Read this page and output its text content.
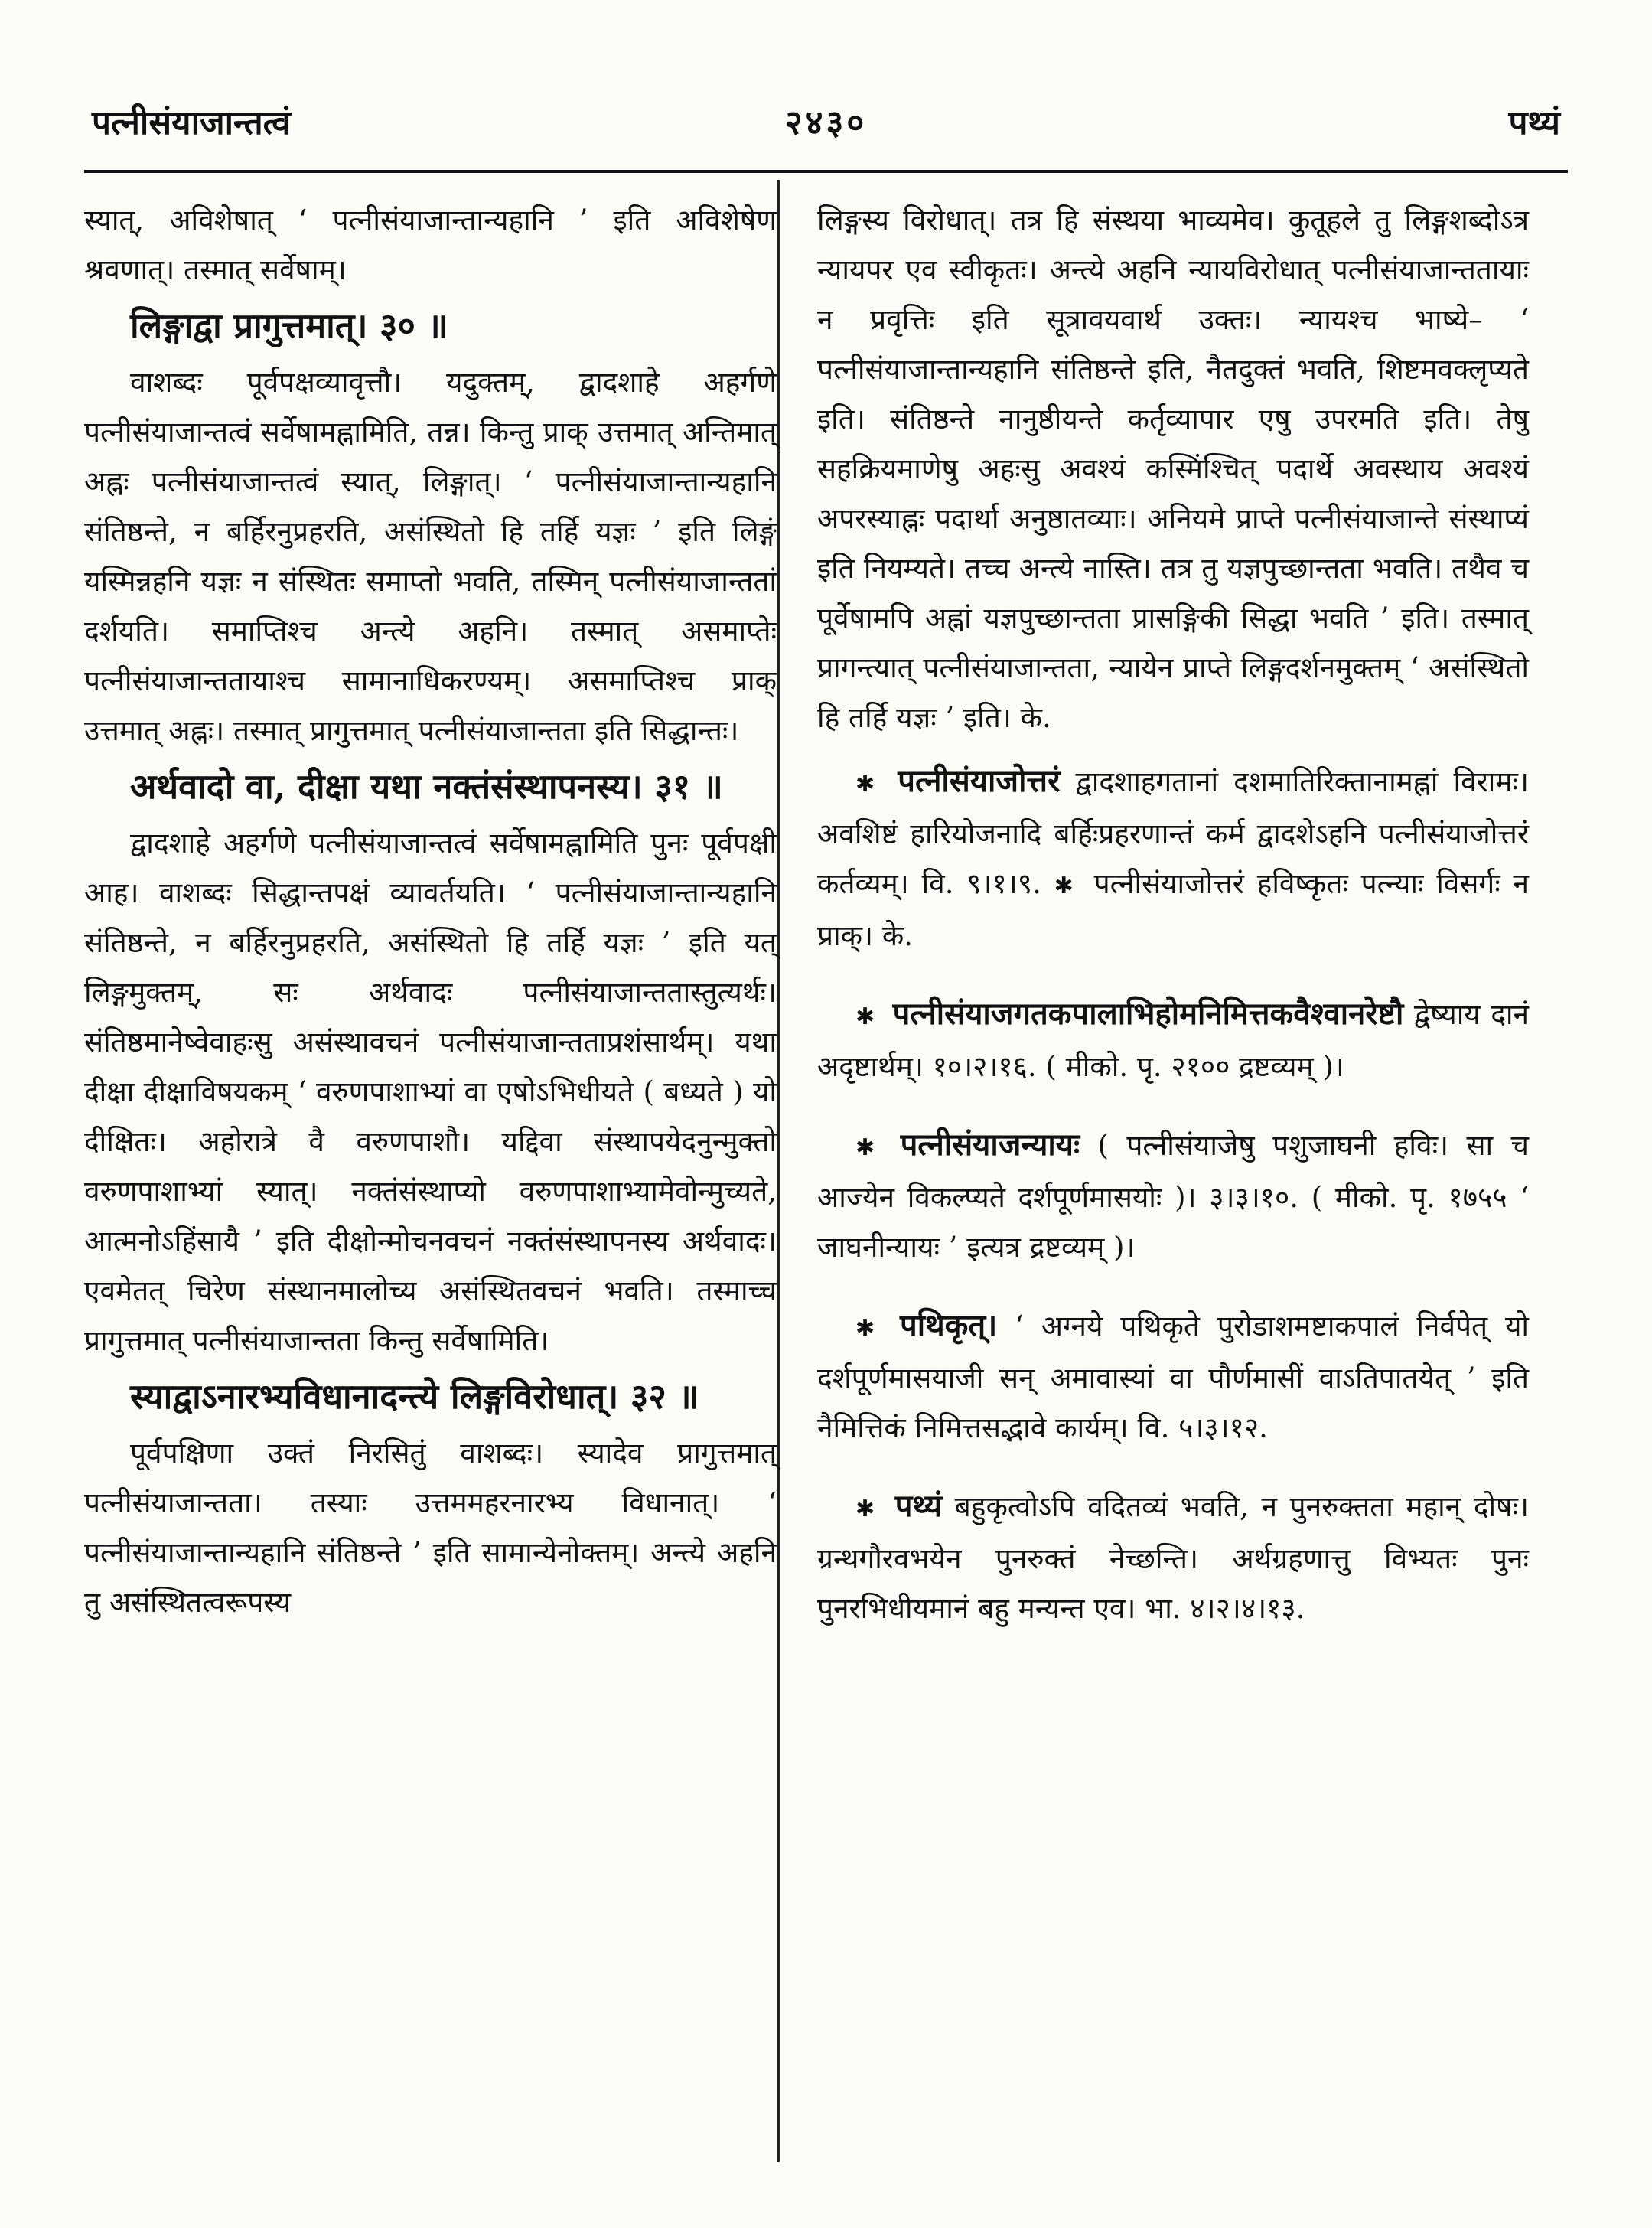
पत्नीसंयाजान्तत्वं	२४३०	पथ्यं

स्यात्, अविशेषात् ‘ पत्नीसंयाजान्तान्यहानि ’ इति अविशेषेण श्रवणात्। तस्मात् सर्वेषाम्।

लिङ्गाद्वा प्रागुत्तमात्। ३० ॥

वाशब्दः पूर्वपक्षव्यावृत्तौ। यदुक्तम्, द्वादशाहे अहर्गणे पत्नीसंयाजान्तत्वं सर्वेषामह्नामिति, तन्न। किन्तु प्राक् उत्तमात् अन्तिमात् अह्नः पत्नीसंयाजान्तत्वं स्यात्, लिङ्गात्। ‘ पत्नीसंयाजान्तान्यहानि संतिष्ठन्ते, न बर्हिरनुप्रहरति, असंस्थितो हि तर्हि यज्ञः ’ इति लिङ्गं यस्मिन्नहनि यज्ञः न संस्थितः समाप्तो भवति, तस्मिन् पत्नीसंयाजान्ततां दर्शयति। समाप्तिश्च अन्त्ये अहनि। तस्मात् असमाप्तेः पत्नीसंयाजान्ततायाश्च सामानाधिकरण्यम्। असमाप्तिश्च प्राक् उत्तमात् अह्नः। तस्मात् प्रागुत्तमात् पत्नीसंयाजान्तता इति सिद्धान्तः।

अर्थवादो वा, दीक्षा यथा नक्तंसंस्थापनस्य। ३१ ॥

द्वादशाहे अहर्गणे पत्नीसंयाजान्तत्वं सर्वेषामह्नामिति पुनः पूर्वपक्षी आह। वाशब्दः सिद्धान्तपक्षं व्यावर्तयति। ‘ पत्नीसंयाजान्तान्यहानि संतिष्ठन्ते, न बर्हिरनुप्रहरति, असंस्थितो हि तर्हि यज्ञः ’ इति यत् लिङ्गमुक्तम्, सः अर्थवादः पत्नीसंयाजान्ततास्तुत्यर्थः। संतिष्ठमानेष्वेवाहःसु असंस्थावचनं पत्नीसंयाजान्तताप्रशंसार्थम्। यथा दीक्षा दीक्षाविषयकम् ‘ वरुणपाशाभ्यां वा एषोऽभिधीयते ( बध्यते ) यो दीक्षितः। अहोरात्रे वै वरुणपाशौ। यद्दिवा संस्थापयेदनुन्मुक्तो वरुणपाशाभ्यां स्यात्। नक्तंसंस्थाप्यो वरुणपाशाभ्यामेवोन्मुच्यते, आत्मनोऽहिंसायै ’ इति दीक्षोन्मोचनवचनं नक्तंसंस्थापनस्य अर्थवादः। एवमेतत् चिरेण संस्थानमालोच्य असंस्थितवचनं भवति। तस्माच्च प्रागुत्तमात् पत्नीसंयाजान्तता किन्तु सर्वेषामिति।

स्याद्वाऽनारभ्यविधानादन्त्ये लिङ्गविरोधात्। ३२ ॥

पूर्वपक्षिणा उक्तं निरसितुं वाशब्दः। स्यादेव प्रागुत्तमात् पत्नीसंयाजान्तता। तस्याः उत्तममहरनारभ्य विधानात्। ‘ पत्नीसंयाजान्तान्यहानि संतिष्ठन्ते ’ इति सामान्येनोक्तम्। अन्त्ये अहनि तु असंस्थितत्वरूपस्य

लिङ्गस्य विरोधात्। तत्र हि संस्थया भाव्यमेव। कुतूहले तु लिङ्गशब्दोऽत्र न्यायपर एव स्वीकृतः। अन्त्ये अहनि न्यायविरोधात् पत्नीसंयाजान्ततायाः न प्रवृत्तिः इति सूत्रावयवार्थ उक्तः। न्यायश्च भाष्ये– ‘ पत्नीसंयाजान्तान्यहानि संतिष्ठन्ते इति, नैतदुक्तं भवति, शिष्टमवक्लृप्यते इति। संतिष्ठन्ते नानुष्ठीयन्ते कर्तृव्यापार एषु उपरमति इति। तेषु सहक्रियमाणेषु अहःसु अवश्यं कस्मिंश्चित् पदार्थे अवस्थाय अवश्यं अपरस्याह्नः पदार्था अनुष्ठातव्याः। अनियमे प्राप्ते पत्नीसंयाजान्ते संस्थाप्यं इति नियम्यते। तच्च अन्त्ये नास्ति। तत्र तु यज्ञपुच्छान्तता भवति। तथैव च पूर्वेषामपि अह्नां यज्ञपुच्छान्तता प्रासङ्गिकी सिद्धा भवति ’ इति। तस्मात् प्रागन्त्यात् पत्नीसंयाजान्तता, न्यायेन प्राप्ते लिङ्गदर्शनमुक्तम् ‘ असंस्थितो हि तर्हि यज्ञः ’ इति। के.

✱ पत्नीसंयाजोत्तरं द्वादशाहगतानां दशमातिरिक्तानामह्नां विरामः। अवशिष्टं हारियोजनादि बर्हिःप्रहरणान्तं कर्म द्वादशेऽहनि पत्नीसंयाजोत्तरं कर्तव्यम्। वि. ९।१।९. ✱ पत्नीसंयाजोत्तरं हविष्कृतः पत्न्याः विसर्गः न प्राक्। के.

✱ पत्नीसंयाजगतकपालाभिहोमनिमित्तकवैश्वानरेष्टौ द्वेष्याय दानं अदृष्टार्थम्। १०।२।१६. ( मीको. पृ. २१०० द्रष्टव्यम् )।

✱ पत्नीसंयाजन्यायः ( पत्नीसंयाजेषु पशुजाघनी हविः। सा च आज्येन विकल्प्यते दर्शपूर्णमासयोः )। ३।३।१०. ( मीको. पृ. १७५५ ‘ जाघनीन्यायः ’ इत्यत्र द्रष्टव्यम् )।

✱ पथिकृत्। ‘ अग्नये पथिकृते पुरोडाशमष्टाकपालं निर्वपेत् यो दर्शपूर्णमासयाजी सन् अमावास्यां वा पौर्णमासीं वाऽतिपातयेत् ’ इति नैमित्तिकं निमित्तसद्भावे कार्यम्। वि. ५।३।१२.

✱ पथ्यं बहुकृत्वोऽपि वदितव्यं भवति, न पुनरुक्तता महान् दोषः। ग्रन्थगौरवभयेन पुनरुक्तं नेच्छन्ति। अर्थग्रहणात्तु विभ्यतः पुनः पुनरभिधीयमानं बहु मन्यन्त एव। भा. ४।२।४।१३.
